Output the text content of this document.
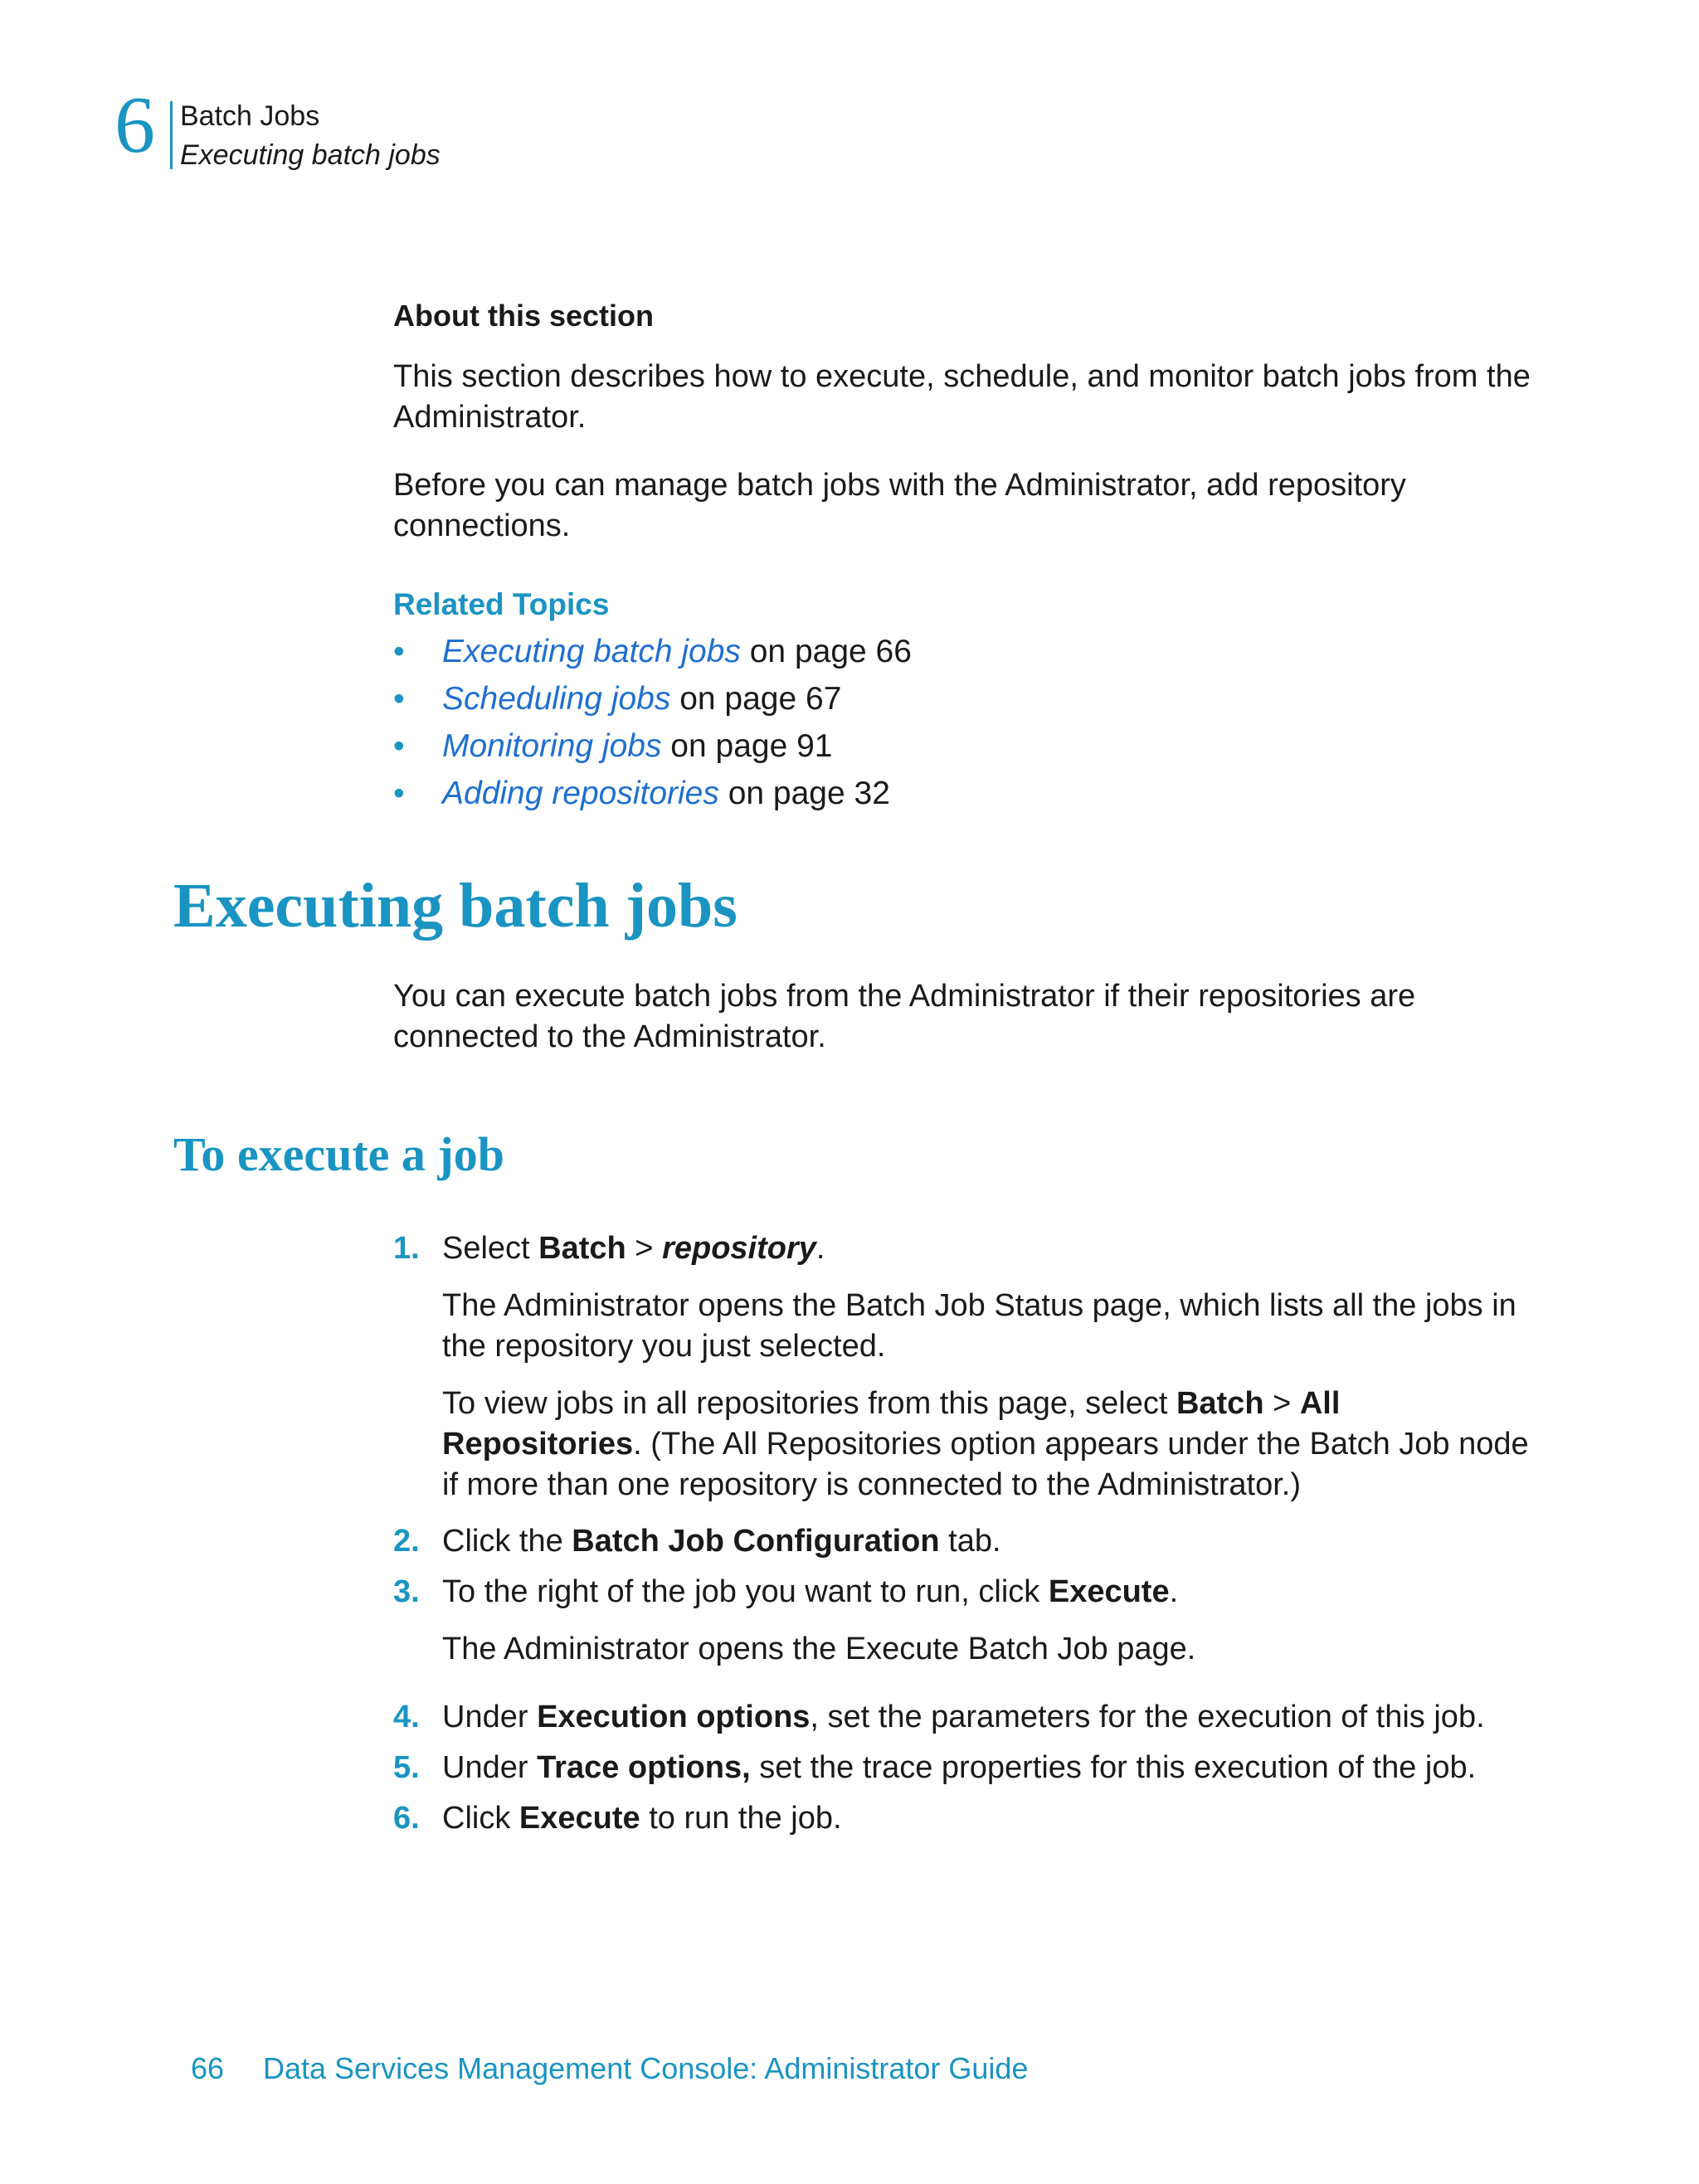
6 Batch Jobs
Executing batch jobs
About this section
This section describes how to execute, schedule, and monitor batch jobs from the Administrator.
Before you can manage batch jobs with the Administrator, add repository connections.
Related Topics
• Executing batch jobs on page 66
• Scheduling jobs on page 67
• Monitoring jobs on page 91
• Adding repositories on page 32
Executing batch jobs
You can execute batch jobs from the Administrator if their repositories are connected to the Administrator.
To execute a job
1. Select Batch > repository.
The Administrator opens the Batch Job Status page, which lists all the jobs in the repository you just selected.
To view jobs in all repositories from this page, select Batch > All Repositories. (The All Repositories option appears under the Batch Job node if more than one repository is connected to the Administrator.)
2. Click the Batch Job Configuration tab.
3. To the right of the job you want to run, click Execute.
The Administrator opens the Execute Batch Job page.
4. Under Execution options, set the parameters for the execution of this job.
5. Under Trace options, set the trace properties for this execution of the job.
6. Click Execute to run the job.
66 Data Services Management Console: Administrator Guide
